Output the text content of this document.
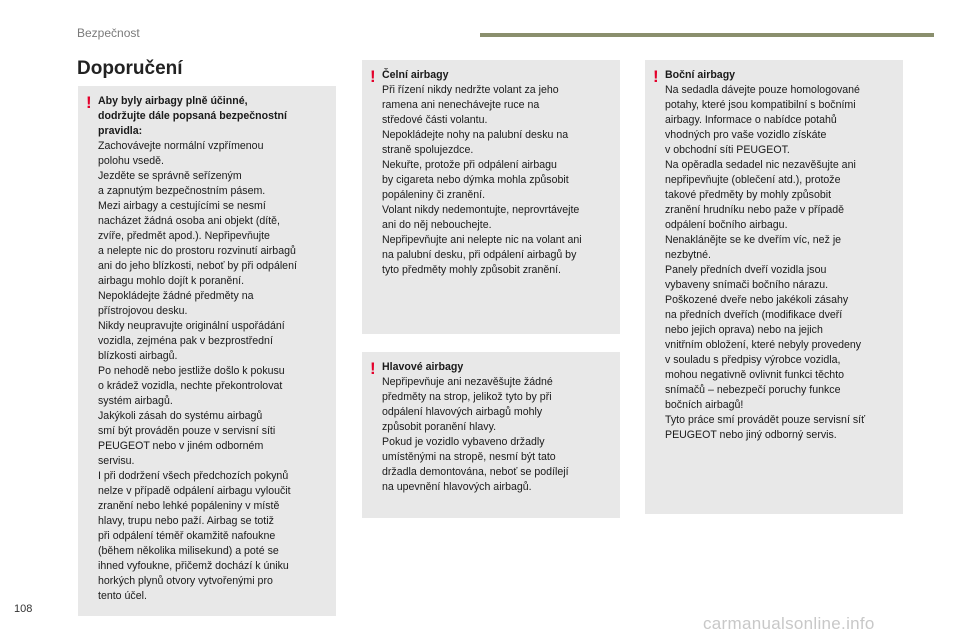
Bezpečnost
Doporučení
! Aby byly airbagy plně účinné,
dodržujte dále popsaná bezpečnostní
pravidla:
Zachovávejte normální vzpřímenou
polohu vsedě.
Jezděte se správně seřízeným
a zapnutým bezpečnostním pásem.
Mezi airbagy a cestujícími se nesmí
nacházet žádná osoba ani objekt (dítě,
zvíře, předmět apod.). Nepřipevňujte
a nelepte nic do prostoru rozvinutí airbagů
ani do jeho blízkosti, neboť by při odpálení
airbagu mohlo dojít k poranění.
Nepokládejte žádné předměty na
přístrojovou desku.
Nikdy neupravujte originální uspořádání
vozidla, zejména pak v bezprostřední
blízkosti airbagů.
Po nehodě nebo jestliže došlo k pokusu
o krádež vozidla, nechte překontrolovat
systém airbagů.
Jakýkoli zásah do systému airbagů
smí být prováděn pouze v servisní síti
PEUGEOT nebo v jiném odborném
servisu.
I při dodržení všech předchozích pokynů
nelze v případě odpálení airbagu vyloučit
zranění nebo lehké popáleniny v místě
hlavy, trupu nebo paží. Airbag se totiž
při odpálení téměř okamžitě nafoukne
(během několika milisekund) a poté se
ihned vyfoukne, přičemž dochází k úniku
horkých plynů otvory vytvořenými pro
tento účel.
! Čelní airbagy
Při řízení nikdy nedržte volant za jeho
ramena ani nenechávejte ruce na
středové části volantu.
Nepokládejte nohy na palubní desku na
straně spolujezdce.
Nekuřte, protože při odpálení airbagu
by cigareta nebo dýmka mohla způsobit
popáleniny či zranění.
Volant nikdy nedemontujte, neprovrtávejte
ani do něj nebouchejte.
Nepřipevňujte ani nelepte nic na volant ani
na palubní desku, při odpálení airbagů by
tyto předměty mohly způsobit zranění.
! Hlavové airbagy
Nepřipevňuje ani nezavěšujte žádné
předměty na strop, jelikož tyto by při
odpálení hlavových airbagů mohly
způsobit poranění hlavy.
Pokud je vozidlo vybaveno držadly
umístěnými na stropě, nesmí být tato
držadla demontována, neboť se podílejí
na upevnění hlavových airbagů.
! Boční airbagy
Na sedadla dávejte pouze homologované
potahy, které jsou kompatibilní s bočními
airbagy. Informace o nabídce potahů
vhodných pro vaše vozidlo získáte
v obchodní síti PEUGEOT.
Na opěradla sedadel nic nezavěšujte ani
nepřipevňujte (oblečení atd.), protože
takové předměty by mohly způsobit
zranění hrudníku nebo paže v případě
odpálení bočního airbagu.
Nenaklánějte se ke dveřím víc, než je
nezbytné.
Panely předních dveří vozidla jsou
vybaveny snímači bočního nárazu.
Poškozené dveře nebo jakékoli zásahy
na předních dveřích (modifikace dveří
nebo jejich oprava) nebo na jejich
vnitřním obložení, které nebyly provedeny
v souladu s předpisy výrobce vozidla,
mohou negativně ovlivnit funkci těchto
snímačů – nebezpečí poruchy funkce
bočních airbagů!
Tyto práce smí provádět pouze servisní síť
PEUGEOT nebo jiný odborný servis.
108
carmanualsonline.info
